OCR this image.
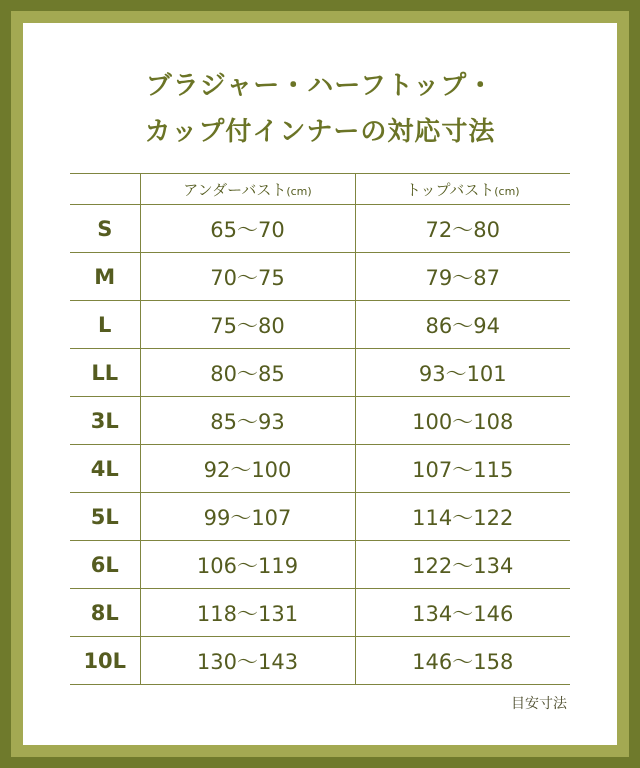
ブラジャー・ハーフトップ・
カップ付インナーの対応寸法
	アンダーバスト(cm)	トップバスト(cm)
S	65〜70	72〜80
M	70〜75	79〜87
L	75〜80	86〜94
LL	80〜85	93〜101
3L	85〜93	100〜108
4L	92〜100	107〜115
5L	99〜107	114〜122
6L	106〜119	122〜134
8L	118〜131	134〜146
10L	130〜143	146〜158
目安寸法
